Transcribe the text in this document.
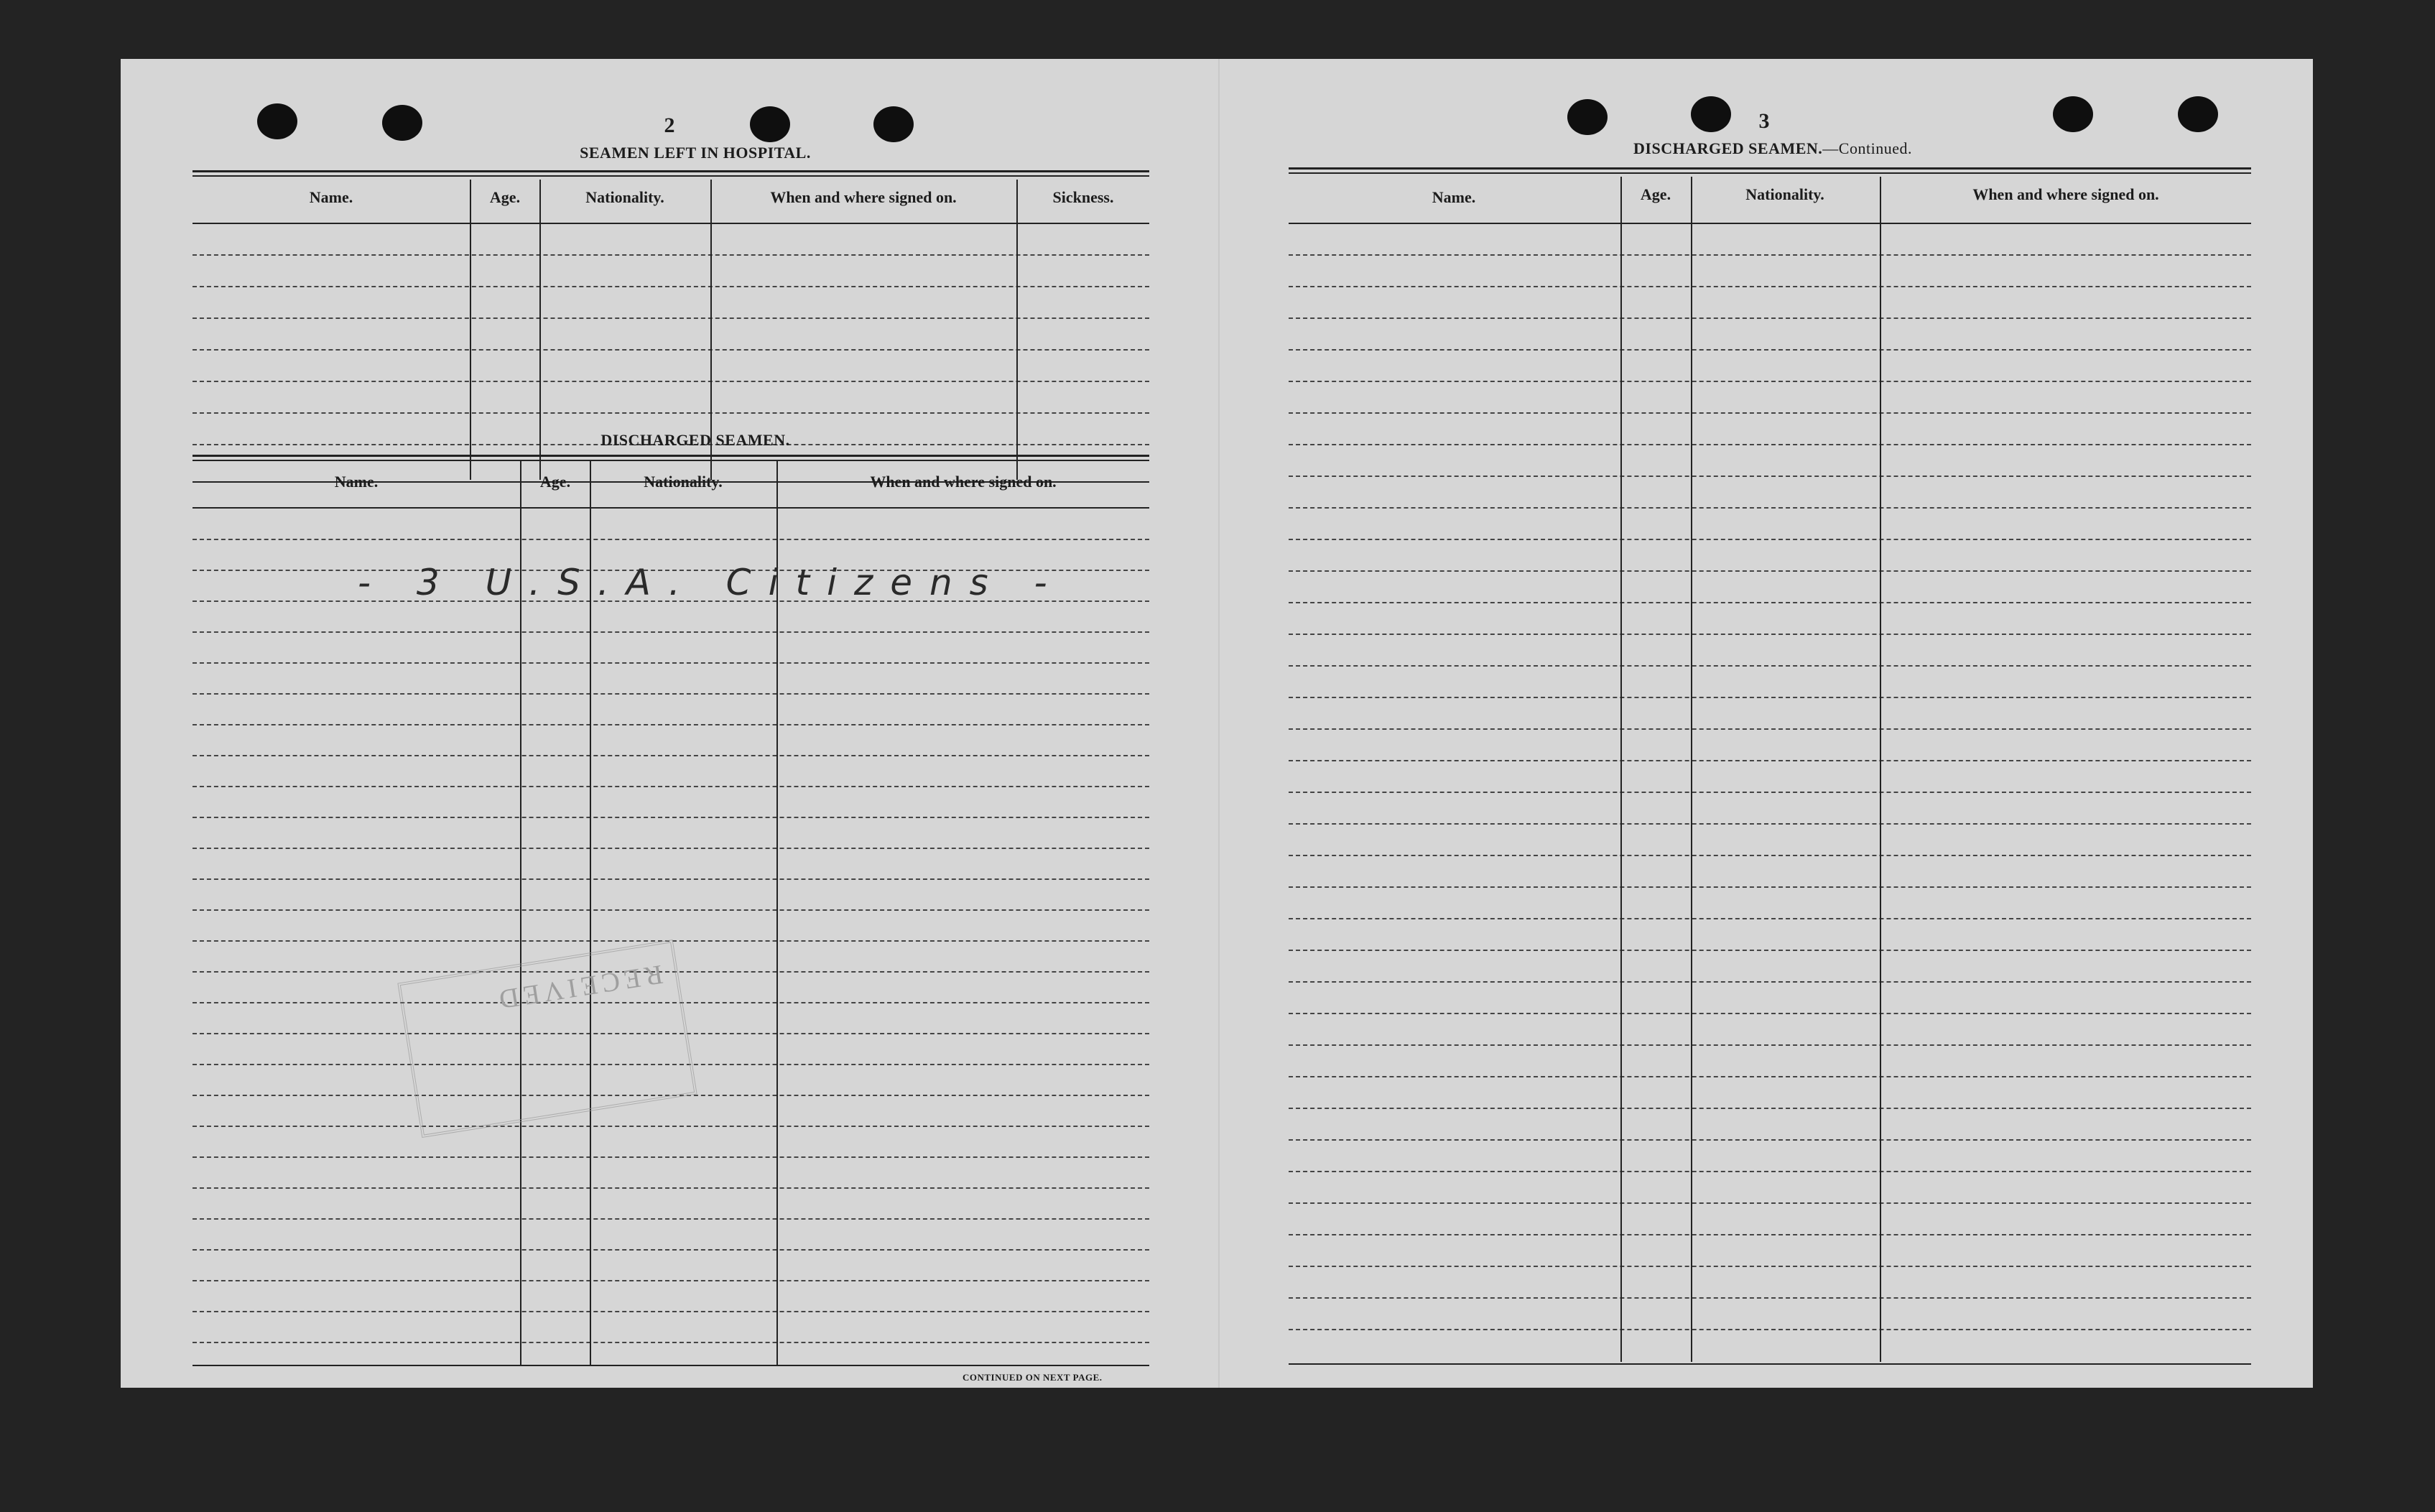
2
SEAMEN LEFT IN HOSPITAL.
Name.	Age.	Nationality.	When and where signed on.	Sickness.
DISCHARGED SEAMEN.
Name.	Age.	Nationality.	When and where signed on.
- 3 U.S.A. Citizens -
RECEIVED
CONTINUED ON NEXT PAGE.
3
DISCHARGED SEAMEN.—Continued.
Name.	Age.	Nationality.	When and where signed on.
